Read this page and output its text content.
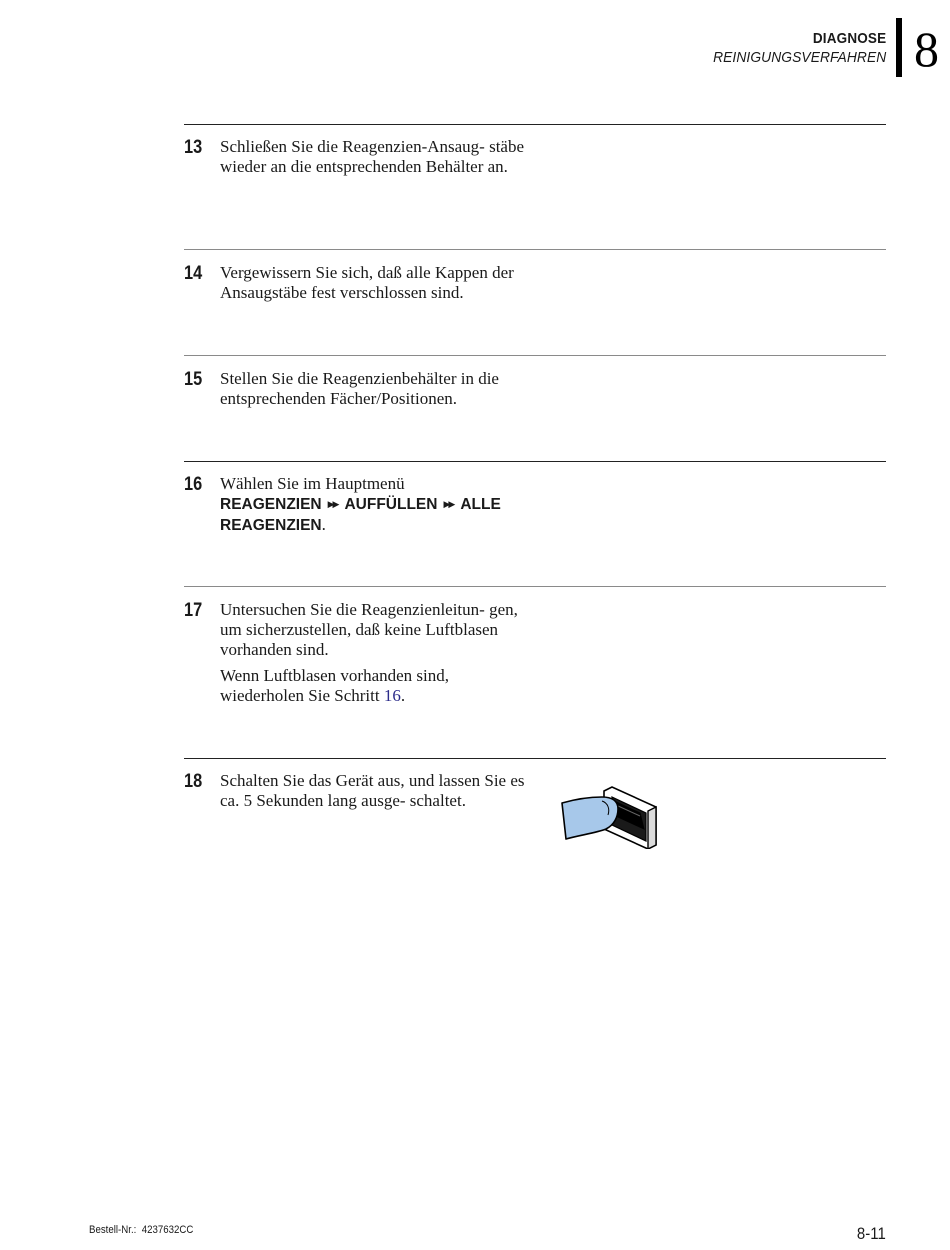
DIAGNOSE
REINIGUNGSVERFAHREN 8
13 Schließen Sie die Reagenzien-Ansaug- stäbe wieder an die entsprechenden Behälter an.

14 Vergewissern Sie sich, daß alle Kappen der Ansaugstäbe fest verschlossen sind.

15 Stellen Sie die Reagenzienbehälter in die entsprechenden Fächer/Positionen.

16 Wählen Sie im Hauptmenü
REAGENZIEN ▶▶ AUFFÜLLEN ▶▶ ALLE REAGENZIEN.

17 Untersuchen Sie die Reagenzienleitun- gen, um sicherzustellen, daß keine Luftblasen vorhanden sind.

Wenn Luftblasen vorhanden sind, wiederholen Sie Schritt 16.

18 Schalten Sie das Gerät aus, und lassen Sie es ca. 5 Sekunden lang ausge- schaltet.

Bestell-Nr.: 4237632CC	8-11
